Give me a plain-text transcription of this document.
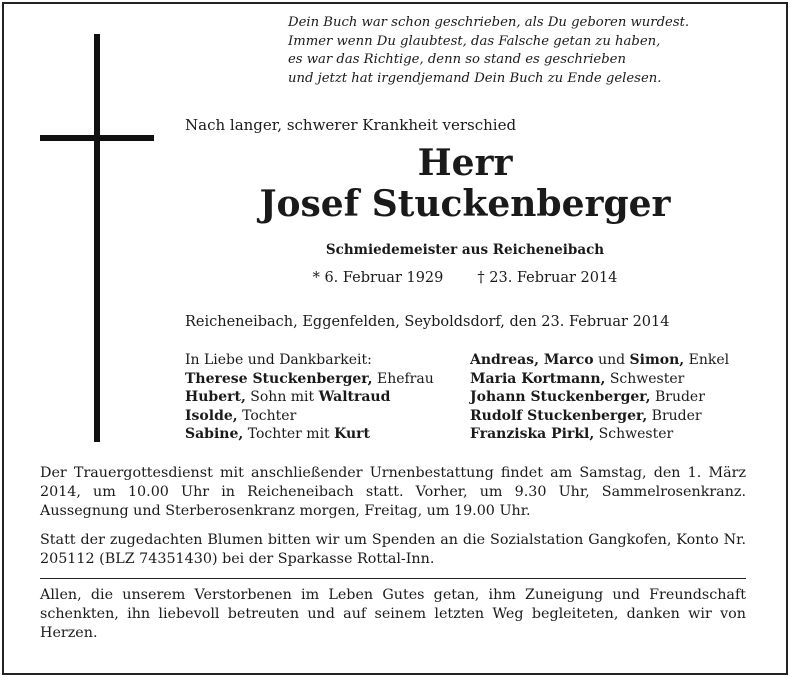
Dein Buch war schon geschrieben, als Du geboren wurdest.
Immer wenn Du glaubtest, das Falsche getan zu haben,
es war das Richtige, denn so stand es geschrieben
und jetzt hat irgendjemand Dein Buch zu Ende gelesen.
Nach langer, schwerer Krankheit verschied
Herr
Josef Stuckenberger
Schmiedemeister aus Reicheneibach
* 6. Februar 1929 † 23. Februar 2014
Reicheneibach, Eggenfelden, Seyboldsdorf, den 23. Februar 2014
In Liebe und Dankbarkeit:
Therese Stuckenberger, Ehefrau
Hubert, Sohn mit Waltraud
Isolde, Tochter
Sabine, Tochter mit Kurt
Andreas, Marco und Simon, Enkel
Maria Kortmann, Schwester
Johann Stuckenberger, Bruder
Rudolf Stuckenberger, Bruder
Franziska Pirkl, Schwester
Der Trauergottesdienst mit anschließender Urnenbestattung findet am Samstag, den 1. März 2014, um 10.00 Uhr in Reicheneibach statt. Vorher, um 9.30 Uhr, Sammelrosenkranz. Aussegnung und Sterberosenkranz morgen, Freitag, um 19.00 Uhr.
Statt der zugedachten Blumen bitten wir um Spenden an die Sozialstation Gangkofen, Konto Nr. 205112 (BLZ 74351430) bei der Sparkasse Rottal-Inn.
Allen, die unserem Verstorbenen im Leben Gutes getan, ihm Zuneigung und Freundschaft schenkten, ihn liebevoll betreuten und auf seinem letzten Weg begleiteten, danken wir von Herzen.
